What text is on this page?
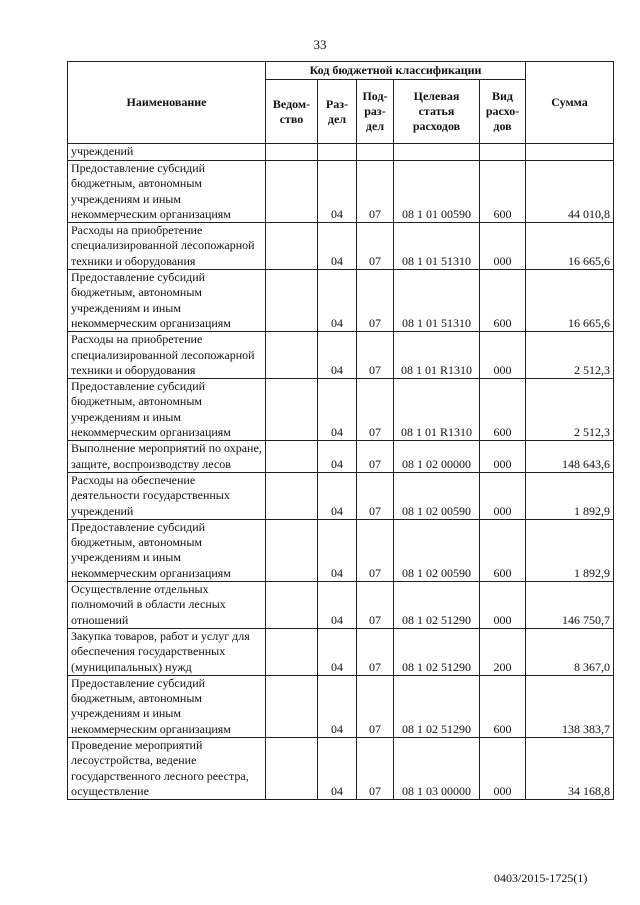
33
Наименование	Код бюджетной классификации					Сумма
	Ведом-ство	Раз-дел	Под-раз-дел	Целевая статья расходов	Вид расхо-дов	
учреждений						
Предоставление субсидий бюджетным, автономным учреждениям и иным некоммерческим организациям		04	07	08 1 01 00590	600	44 010,8
Расходы на приобретение специализированной лесопожарной техники и оборудования		04	07	08 1 01 51310	000	16 665,6
Предоставление субсидий бюджетным, автономным учреждениям и иным некоммерческим организациям		04	07	08 1 01 51310	600	16 665,6
Расходы на приобретение специализированной лесопожарной техники и оборудования		04	07	08 1 01 R1310	000	2 512,3
Предоставление субсидий бюджетным, автономным учреждениям и иным некоммерческим организациям		04	07	08 1 01 R1310	600	2 512,3
Выполнение мероприятий по охране, защите, воспроизводству лесов		04	07	08 1 02 00000	000	148 643,6
Расходы на обеспечение деятельности государственных учреждений		04	07	08 1 02 00590	000	1 892,9
Предоставление субсидий бюджетным, автономным учреждениям и иным некоммерческим организациям		04	07	08 1 02 00590	600	1 892,9
Осуществление отдельных полномочий в области лесных отношений		04	07	08 1 02 51290	000	146 750,7
Закупка товаров, работ и услуг для обеспечения государственных (муниципальных) нужд		04	07	08 1 02 51290	200	8 367,0
Предоставление субсидий бюджетным, автономным учреждениям и иным некоммерческим организациям		04	07	08 1 02 51290	600	138 383,7
Проведение мероприятий лесоустройства, ведение государственного лесного реестра, осуществление		04	07	08 1 03 00000	000	34 168,8
0403/2015-1725(1)
